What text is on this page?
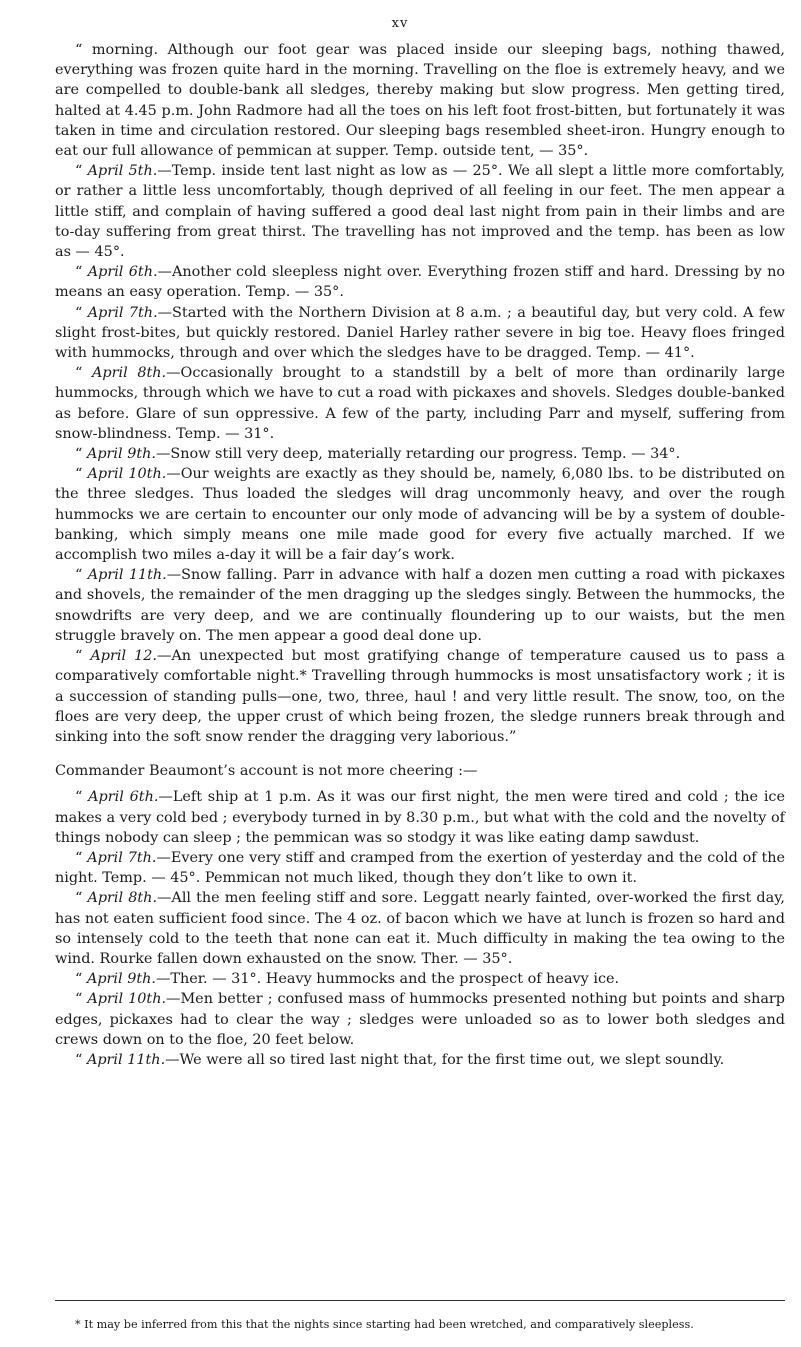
xv

“ morning. Although our foot gear was placed inside our sleeping bags, nothing thawed, everything was frozen quite hard in the morning. Travelling on the floe is extremely heavy, and we are compelled to double-bank all sledges, thereby making but slow progress. Men getting tired, halted at 4.45 p.m. John Radmore had all the toes on his left foot frost-bitten, but fortunately it was taken in time and circulation restored. Our sleeping bags resembled sheet-iron. Hungry enough to eat our full allowance of pemmican at supper. Temp. outside tent, — 35°.

“ April 5th.—Temp. inside tent last night as low as — 25°. We all slept a little more comfortably, or rather a little less uncomfortably, though deprived of all feeling in our feet. The men appear a little stiff, and complain of having suffered a good deal last night from pain in their limbs and are to-day suffering from great thirst. The travelling has not improved and the temp. has been as low as — 45°.

“ April 6th.—Another cold sleepless night over. Everything frozen stiff and hard. Dressing by no means an easy operation. Temp. — 35°.

“ April 7th.—Started with the Northern Division at 8 a.m. ; a beautiful day, but very cold. A few slight frost-bites, but quickly restored. Daniel Harley rather severe in big toe. Heavy floes fringed with hummocks, through and over which the sledges have to be dragged. Temp. — 41°.

“ April 8th.—Occasionally brought to a standstill by a belt of more than ordinarily large hummocks, through which we have to cut a road with pickaxes and shovels. Sledges double-banked as before. Glare of sun oppressive. A few of the party, including Parr and myself, suffering from snow-blindness. Temp. — 31°.

“ April 9th.—Snow still very deep, materially retarding our progress. Temp. — 34°.

“ April 10th.—Our weights are exactly as they should be, namely, 6,080 lbs. to be distributed on the three sledges. Thus loaded the sledges will drag uncommonly heavy, and over the rough hummocks we are certain to encounter our only mode of advancing will be by a system of double-banking, which simply means one mile made good for every five actually marched. If we accomplish two miles a-day it will be a fair day’s work.

“ April 11th.—Snow falling. Parr in advance with half a dozen men cutting a road with pickaxes and shovels, the remainder of the men dragging up the sledges singly. Between the hummocks, the snowdrifts are very deep, and we are continually floundering up to our waists, but the men struggle bravely on. The men appear a good deal done up.

“ April 12.—An unexpected but most gratifying change of temperature caused us to pass a comparatively comfortable night.* Travelling through hummocks is most unsatisfactory work ; it is a succession of standing pulls—one, two, three, haul ! and very little result. The snow, too, on the floes are very deep, the upper crust of which being frozen, the sledge runners break through and sinking into the soft snow render the dragging very laborious.”

Commander Beaumont’s account is not more cheering :—

“ April 6th.—Left ship at 1 p.m. As it was our first night, the men were tired and cold ; the ice makes a very cold bed ; everybody turned in by 8.30 p.m., but what with the cold and the novelty of things nobody can sleep ; the pemmican was so stodgy it was like eating damp sawdust.

“ April 7th.—Every one very stiff and cramped from the exertion of yesterday and the cold of the night. Temp. — 45°. Pemmican not much liked, though they don’t like to own it.

“ April 8th.—All the men feeling stiff and sore. Leggatt nearly fainted, over-worked the first day, has not eaten sufficient food since. The 4 oz. of bacon which we have at lunch is frozen so hard and so intensely cold to the teeth that none can eat it. Much difficulty in making the tea owing to the wind. Rourke fallen down exhausted on the snow. Ther. — 35°.

“ April 9th.—Ther. — 31°. Heavy hummocks and the prospect of heavy ice.

“ April 10th.—Men better ; confused mass of hummocks presented nothing but points and sharp edges, pickaxes had to clear the way ; sledges were unloaded so as to lower both sledges and crews down on to the floe, 20 feet below.

“ April 11th.—We were all so tired last night that, for the first time out, we slept soundly.

* It may be inferred from this that the nights since starting had been wretched, and comparatively sleepless.
